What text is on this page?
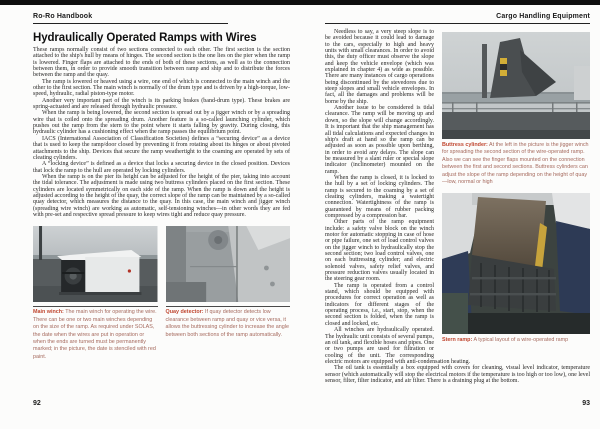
Ro-Ro Handbook

Hydraulically Operated Ramps with Wires

These ramps normally consist of two sections connected to each other. The first section is the section attached to the ship's hull by means of hinges. The second section is the one lies on the pier when the ramp is lowered. Finger flaps are attached to the ends of both of these sections, as well as to the connection between them, in order to provide smooth transition between ramp and ship and to distribute the forces between the ramp and the quay.

The ramp is lowered or heaved using a wire, one end of which is connected to the main winch and the other to the first section. The main winch is normally of the drum type and is driven by a high-torque, low-speed, hydraulic, radial piston-type motor.

Another very important part of the winch is its parking brakes (band-drum type). These brakes are spring-actuated and are released through hydraulic pressure.

When the ramp is being lowered, the second section is spread out by a jigger winch or by a spreading wire that is coiled onto the spreading drum. Another feature is a so-called launching cylinder, which pushes out the ramp from the stern to the point where it starts falling by gravity. During closing, this hydraulic cylinder has a cushioning effect when the ramp passes the equilibrium point.

IACS (International Association of Classification Societies) defines a “securing device” as a device that is used to keep the ramp/door closed by preventing it from rotating about its hinges or about pivoted attachments to the ship. Devices that secure the ramp weathertight to the coaming are operated by sets of cleating cylinders.

A “locking device” is defined as a device that locks a securing device in the closed position. Devices that lock the ramp to the hull are operated by locking cylinders.

When the ramp is on the pier its height can be adjusted for the height of the pier, taking into account the tidal tolerance. The adjustment is made using two buttress cylinders placed on the first section. These cylinders are located symmetrically on each side of the ramp. When the ramp is down and the height is adjusted according to the height of the quay, the correct slope of the ramp can be maintained by a so-called quay detector, which measures the distance to the quay. In this case, the main winch and jigger winch (spreading wire winch) are working as automatic, self-tensioning winches—in other words they are fed with pre-set and respective spread pressure to keep wires tight and reduce quay pressure.

Main winch: The main winch for operating the wire. There can be one or two main winches depending on the size of the ramp. As required under SOLAS, the date when the wires are put in operation or when the ends are turned must be permanently marked; in the picture, the date is stenciled with red paint.
Quay detector: If quay detector detects low clearance between ramp and quay or vice versa, it allows the buttressing cylinder to increase the angle between both sections of the ramp automatically.

Cargo Handling Equipment

Buttress cylinder: At the left in the picture is the jigger winch for spreading the second section of the wire-operated ramp. Also we can see the finger flaps mounted on the connection between the first and second sections. Buttress cylinders can adjust the slope of the ramp depending on the height of quay—low, normal or high
Stern ramp: A typical layout of a wire-operated ramp

Needless to say, a very steep slope is to be avoided because it could lead to damage to the cars, especially to high and heavy units with small clearances. In order to avoid this, the duty officer must observe the slope and keep the vehicle envelope (which was explained in chapter 4) as wide as possible. There are many instances of cargo operations being discontinued by the stevedores due to steep slopes and small vehicle envelopes. In fact, all the damages and problems will be borne by the ship.

Another issue to be considered is tidal clearance. The ramp will be moving up and down, so the slope will change accordingly. It is important that the ship management has all tidal calculations and expected changes in ship's draft at hand so the ramp can be adjusted as soon as possible upon berthing, in order to avoid any delays. The slope can be measured by a slant ruler or special slope indicator (inclinometer) mounted on the ramp.

When the ramp is closed, it is locked to the hull by a set of locking cylinders. The ramp is secured to the coaming by a set of cleating cylinders, making a watertight connection. Watertightness of the ramp is guaranteed by means of rubber packing compressed by a compression bar.

Other parts of the ramp equipment include: a safety valve block on the winch motor for automatic stopping in case of hose or pipe failure, one set of load control valves on the jigger winch to hydraulically stop the second section; two load control valves, one on each buttressing cylinder; and electric solenoid valves, safety relief valves, and pressure reduction valves usually located in the steering gear room.

The ramp is operated from a control stand, which should be equipped with procedures for correct operation as well as indicators for different stages of the operating process, i.e., start, stop, when the second section is folded, when the ramp is closed and locked, etc.

All winches are hydraulically operated. The hydraulic unit consists of several pumps, an oil tank, and flexible hoses and pipes. One or two pumps are used for filtration or cooling of the unit. The corresponding electric motors are equipped with anti-condensation heating.

The oil tank is essentially a box equipped with covers for cleaning, visual level indicator, temperature sensor (which automatically will stop the electrical motors if the temperature is too high or too low), one level sensor, filter, filter indicator, and air filter. There is a draining plug at the bottom.

92	93
